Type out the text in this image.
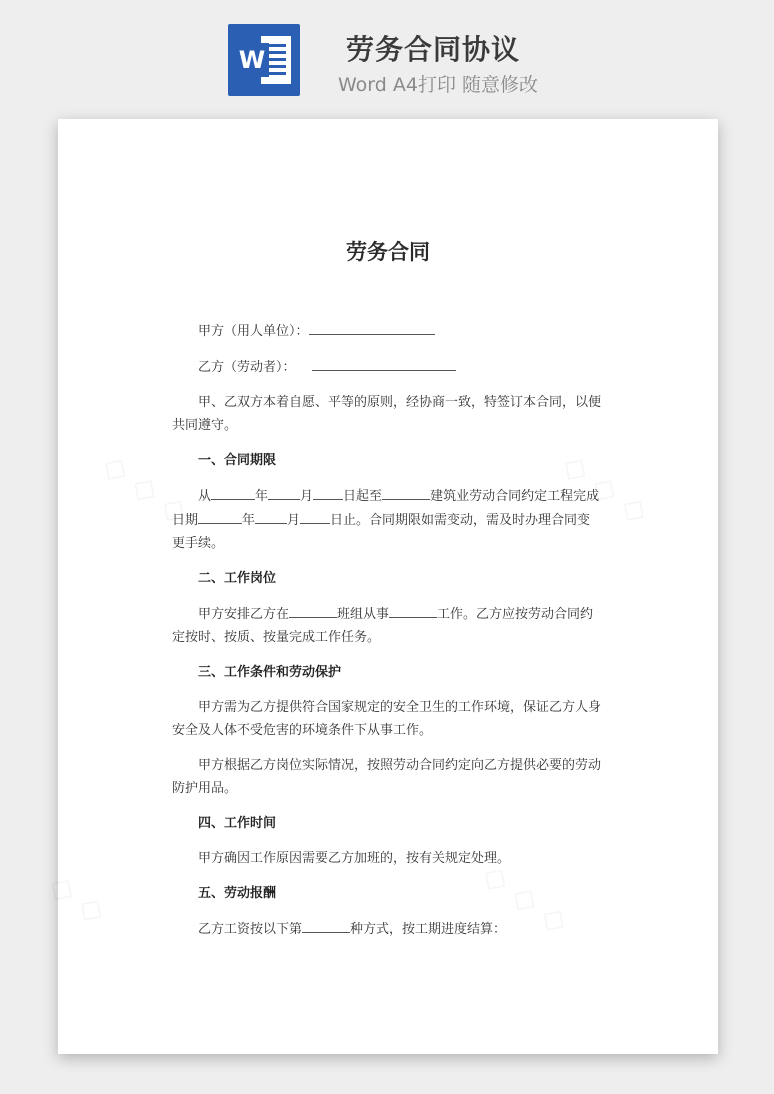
W	劳务合同协议

Word A4打印 随意修改

劳务合同

甲方（用人单位）：

乙方（劳动者）：

甲、乙双方本着自愿、平等的原则，经协商一致，特签订本合同，以便共同遵守。

一、合同期限

从	年 月 日起至	建筑业劳动合同约定工程完成日期	年 月 日止。合同期限如需变动，需及时办理合同变更手续。

二、工作岗位

甲方安排乙方在	班组从事	工作。乙方应按劳动合同约定按时、按质、按量完成工作任务。

三、工作条件和劳动保护

甲方需为乙方提供符合国家规定的安全卫生的工作环境，保证乙方人身安全及人体不受危害的环境条件下从事工作。

甲方根据乙方岗位实际情况，按照劳动合同约定向乙方提供必要的劳动防护用品。

四、工作时间

甲方确因工作原因需要乙方加班的，按有关规定处理。

五、劳动报酬

乙方工资按以下第	种方式，按工期进度结算：
